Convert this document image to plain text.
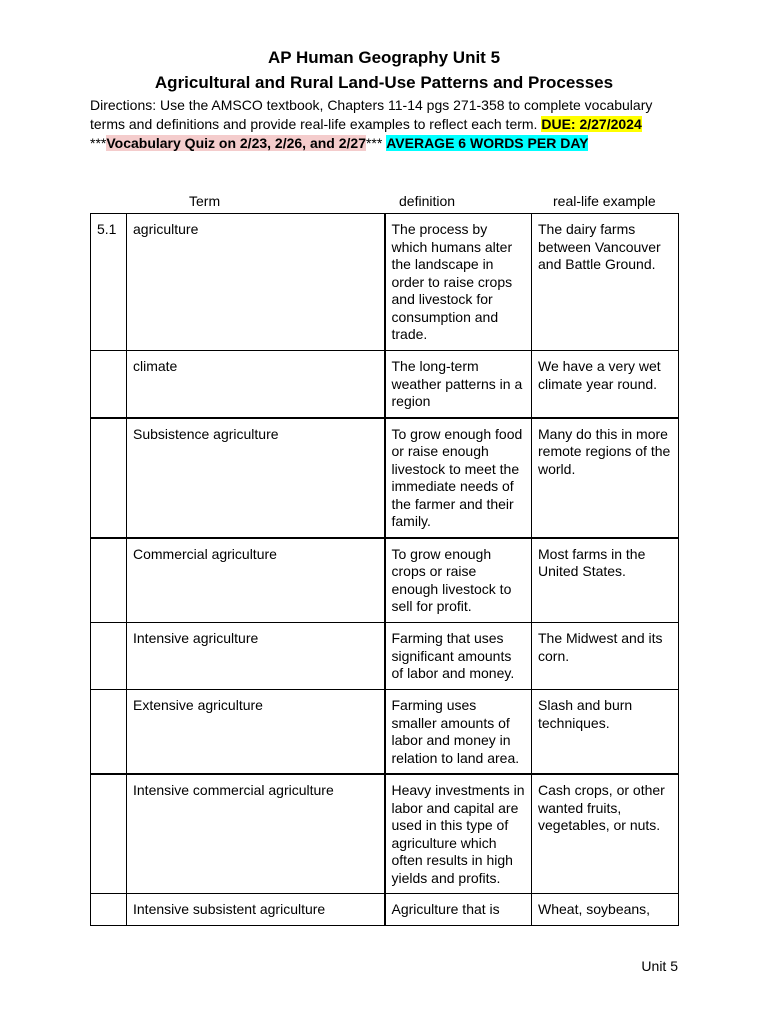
AP Human Geography Unit 5
Agricultural and Rural Land-Use Patterns and Processes
Directions: Use the AMSCO textbook, Chapters 11-14 pgs 271-358 to complete vocabulary
terms and definitions and provide real-life examples to reflect each term. DUE: 2/27/2024
***Vocabulary Quiz on 2/23, 2/26, and 2/27*** AVERAGE 6 WORDS PER DAY
Term	definition	real-life example
5.1	agriculture	The process by which humans alter the landscape in order to raise crops and livestock for consumption and trade.	The dairy farms between Vancouver and Battle Ground.
	climate	The long-term weather patterns in a region	We have a very wet climate year round.
	Subsistence agriculture	To grow enough food or raise enough livestock to meet the immediate needs of the farmer and their family.	Many do this in more remote regions of the world.
	Commercial agriculture	To grow enough crops or raise enough livestock to sell for profit.	Most farms in the United States.
	Intensive agriculture	Farming that uses significant amounts of labor and money.	The Midwest and its corn.
	Extensive agriculture	Farming uses smaller amounts of labor and money in relation to land area.	Slash and burn techniques.
	Intensive commercial agriculture	Heavy investments in labor and capital are used in this type of agriculture which often results in high yields and profits.	Cash crops, or other wanted fruits, vegetables, or nuts.
	Intensive subsistent agriculture	Agriculture that is	Wheat, soybeans,
Unit 5
